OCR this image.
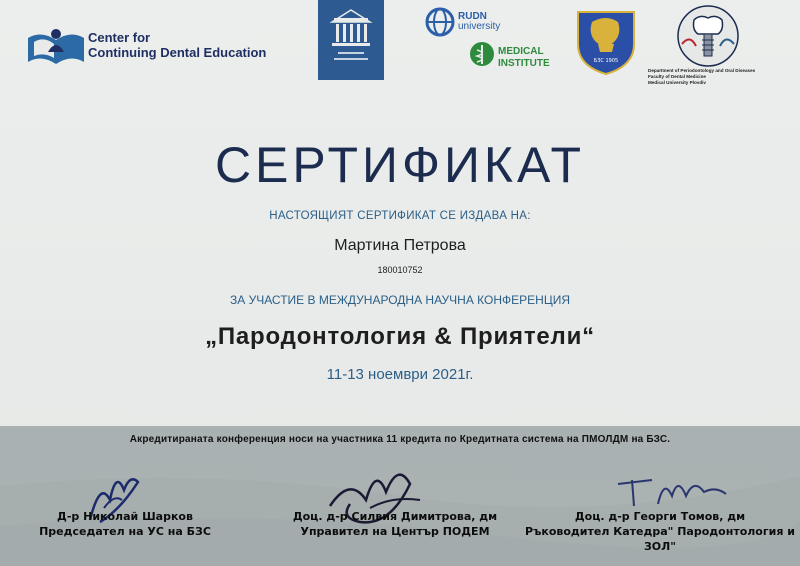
Center for
Continuing Dental Education
RUDN
university
MEDICAL
INSTITUTE	БЗС 1905
Department of Periodontology and Oral Diseases
Faculty of Dental Medicine
Medical University Plovdiv
СЕРТИФИКАТ
НАСТОЯЩИЯТ СЕРТИФИКАТ СЕ ИЗДАВА НА:
Мартина Петрова
180010752
ЗА УЧАСТИЕ В МЕЖДУНАРОДНА НАУЧНА КОНФЕРЕНЦИЯ
„Пародонтология & Приятели“
11-13 ноември 2021г.
Акредитираната конференция носи на участника 11 кредита по Кредитната система на ПМОЛДМ на БЗС.
Д-р Николай Шарков
Председател на УС на БЗС
Доц. д-р Силвия Димитрова, дм
Управител на Център ПОДЕМ
Доц. д-р Георги Томов, дм
Ръководител Катедра" Пародонтология и ЗОЛ"
